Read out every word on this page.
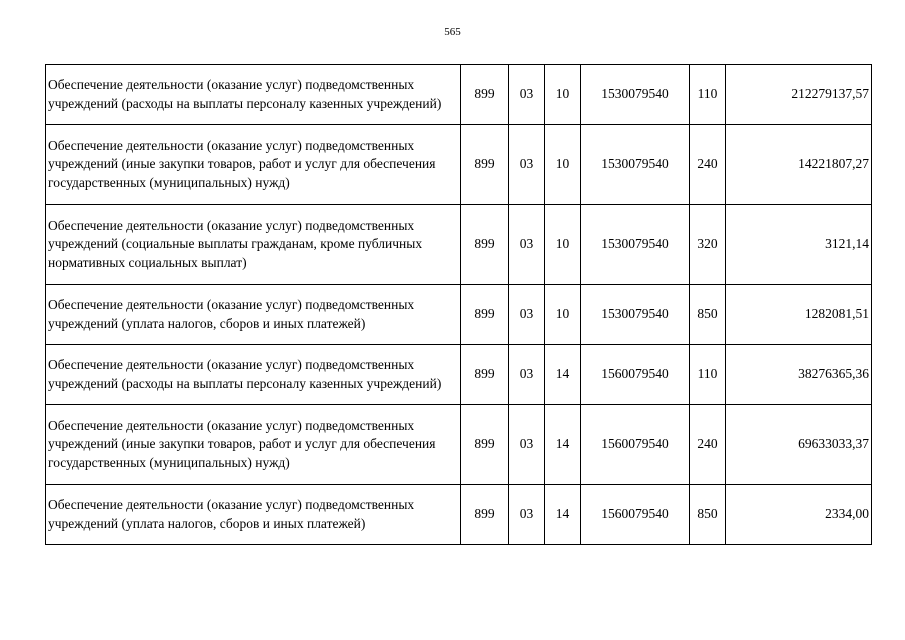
565
Обеспечение деятельности (оказание услуг) подведомственных учреждений (расходы на выплаты персоналу казенных учреждений)	899	03	10	1530079540	110	212279137,57
Обеспечение деятельности (оказание услуг) подведомственных учреждений (иные закупки товаров, работ и услуг для обеспечения государственных (муниципальных) нужд)	899	03	10	1530079540	240	14221807,27
Обеспечение деятельности (оказание услуг) подведомственных учреждений (социальные выплаты гражданам, кроме публичных нормативных социальных выплат)	899	03	10	1530079540	320	3121,14
Обеспечение деятельности (оказание услуг) подведомственных учреждений (уплата налогов, сборов и иных платежей)	899	03	10	1530079540	850	1282081,51
Обеспечение деятельности (оказание услуг) подведомственных учреждений (расходы на выплаты персоналу казенных учреждений)	899	03	14	1560079540	110	38276365,36
Обеспечение деятельности (оказание услуг) подведомственных учреждений (иные закупки товаров, работ и услуг для обеспечения государственных (муниципальных) нужд)	899	03	14	1560079540	240	69633033,37
Обеспечение деятельности (оказание услуг) подведомственных учреждений (уплата налогов, сборов и иных платежей)	899	03	14	1560079540	850	2334,00
